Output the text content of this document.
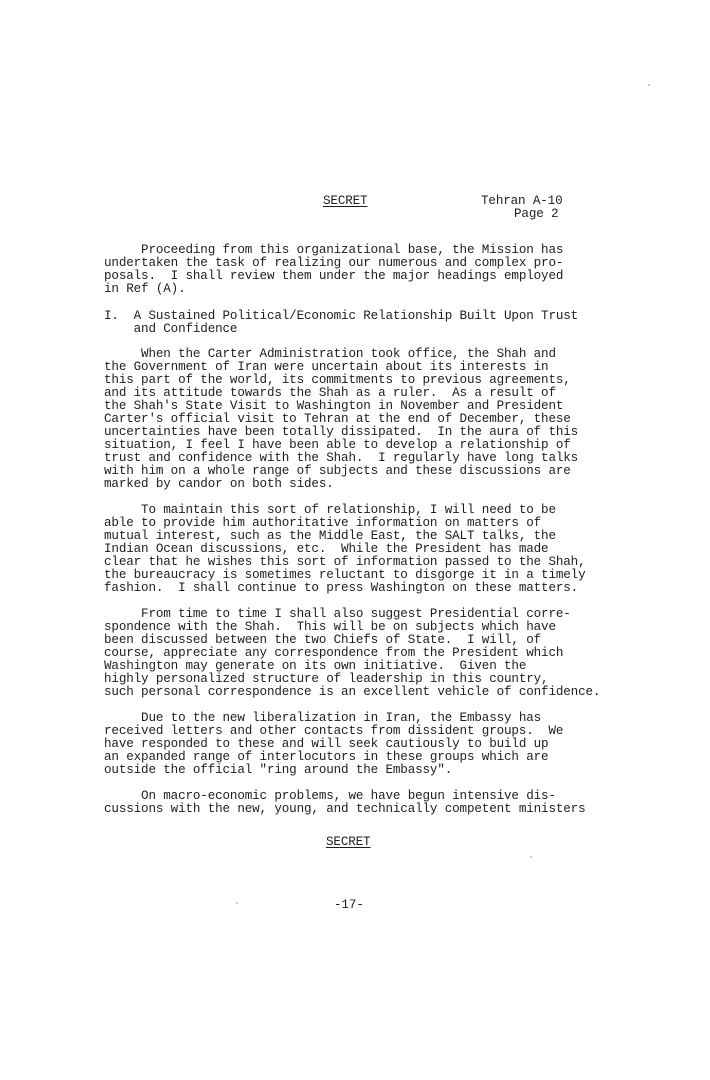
SECRET	Tehran A-10
Page 2
Proceeding from this organizational base, the Mission has
undertaken the task of realizing our numerous and complex pro-
posals.  I shall review them under the major headings employed
in Ref (A).
I.  A Sustained Political/Economic Relationship Built Upon Trust
and Confidence
When the Carter Administration took office, the Shah and
the Government of Iran were uncertain about its interests in
this part of the world, its commitments to previous agreements,
and its attitude towards the Shah as a ruler.  As a result of
the Shah's State Visit to Washington in November and President
Carter's official visit to Tehran at the end of December, these
uncertainties have been totally dissipated.  In the aura of this
situation, I feel I have been able to develop a relationship of
trust and confidence with the Shah.  I regularly have long talks
with him on a whole range of subjects and these discussions are
marked by candor on both sides.
To maintain this sort of relationship, I will need to be
able to provide him authoritative information on matters of
mutual interest, such as the Middle East, the SALT talks, the
Indian Ocean discussions, etc.  While the President has made
clear that he wishes this sort of information passed to the Shah,
the bureaucracy is sometimes reluctant to disgorge it in a timely
fashion.  I shall continue to press Washington on these matters.
From time to time I shall also suggest Presidential corre-
spondence with the Shah.  This will be on subjects which have
been discussed between the two Chiefs of State.  I will, of
course, appreciate any correspondence from the President which
Washington may generate on its own initiative.  Given the
highly personalized structure of leadership in this country,
such personal correspondence is an excellent vehicle of confidence.
Due to the new liberalization in Iran, the Embassy has
received letters and other contacts from dissident groups.  We
have responded to these and will seek cautiously to build up
an expanded range of interlocutors in these groups which are
outside the official "ring around the Embassy".
On macro-economic problems, we have begun intensive dis-
cussions with the new, young, and technically competent ministers
SECRET
-17-
